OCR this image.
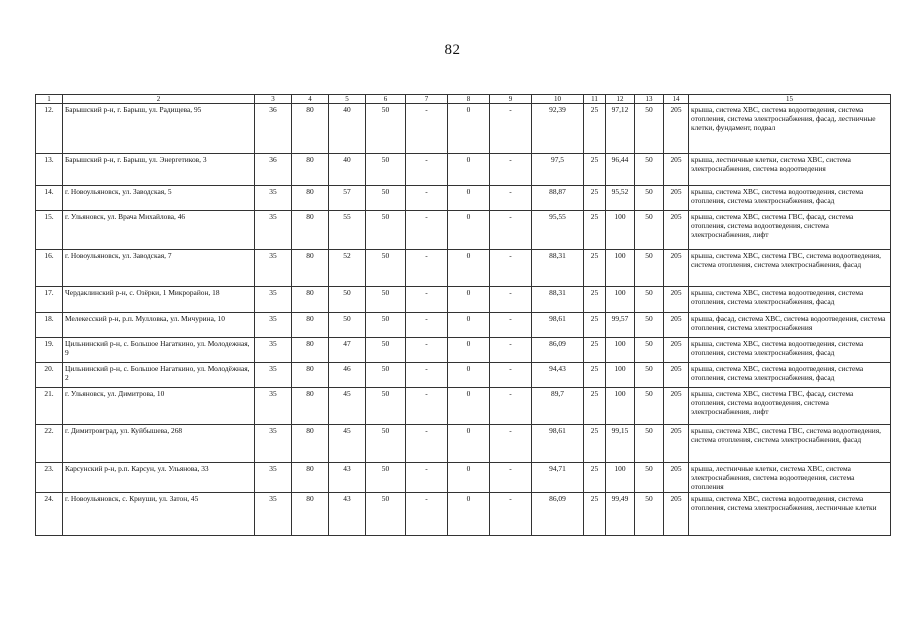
82
1	2	3	4	5	6	7	8	9	10	11	12	13	14	15
12.	Барышский р-н, г. Барыш, ул. Радищева, 95	36	80	40	50	-	0	-	92,39	25	97,12	50	205	крыша, система ХВС, система водоотведения, система отопления, система электроснабжения, фасад, лестничные клетки, фундамент, подвал
13.	Барышский р-н, г. Барыш, ул. Энергетиков, 3	36	80	40	50	-	0	-	97,5	25	96,44	50	205	крыша, лестничные клетки, система ХВС, система электроснабжения, система водоотведения
14.	г. Новоульяновск, ул. Заводская, 5	35	80	57	50	-	0	-	88,87	25	95,52	50	205	крыша, система ХВС, система водоотведения, система отопления, система электроснабжения, фасад
15.	г. Ульяновск, ул. Врача Михайлова, 46	35	80	55	50	-	0	-	95,55	25	100	50	205	крыша, система ХВС, система ГВС, фасад, система отопления, система водоотведения, система электроснабжения, лифт
16.	г. Новоульяновск, ул. Заводская, 7	35	80	52	50	-	0	-	88,31	25	100	50	205	крыша, система ХВС, система ГВС, система водоотведения, система отопления, система электроснабжения, фасад
17.	Чердаклинский р-н, с. Озёрки, 1 Микрорайон, 18	35	80	50	50	-	0	-	88,31	25	100	50	205	крыша, система ХВС, система водоотведения, система отопления, система электроснабжения, фасад
18.	Мелекесский р-н, р.п. Мулловка, ул. Мичурина, 10	35	80	50	50	-	0	-	98,61	25	99,57	50	205	крыша, фасад, система ХВС, система водоотведения, система отопления, система электроснабжения
19.	Цильнинский р-н, с. Большое Нагаткино, ул. Молодежная, 9	35	80	47	50	-	0	-	86,09	25	100	50	205	крыша, система ХВС, система водоотведения, система отопления, система электроснабжения, фасад
20.	Цильнинский р-н, с. Большое Нагаткино, ул. Молодёжная, 2	35	80	46	50	-	0	-	94,43	25	100	50	205	крыша, система ХВС, система водоотведения, система отопления, система электроснабжения, фасад
21.	г. Ульяновск, ул. Димитрова, 10	35	80	45	50	-	0	-	89,7	25	100	50	205	крыша, система ХВС, система ГВС, фасад, система отопления, система водоотведения, система электроснабжения, лифт
22.	г. Димитровград, ул. Куйбышева, 268	35	80	45	50	-	0	-	98,61	25	99,15	50	205	крыша, система ХВС, система ГВС, система водоотведения, система отопления, система электроснабжения, фасад
23.	Карсунский р-н, р.п. Карсун, ул. Ульянова, 33	35	80	43	50	-	0	-	94,71	25	100	50	205	крыша, лестничные клетки, система ХВС, система электроснабжения, система водоотведения, система отопления
24.	г. Новоульяновск, с. Криуши, ул. Затон, 45	35	80	43	50	-	0	-	86,09	25	99,49	50	205	крыша, система ХВС, система водоотведения, система отопления, система электроснабжения, лестничные клетки
